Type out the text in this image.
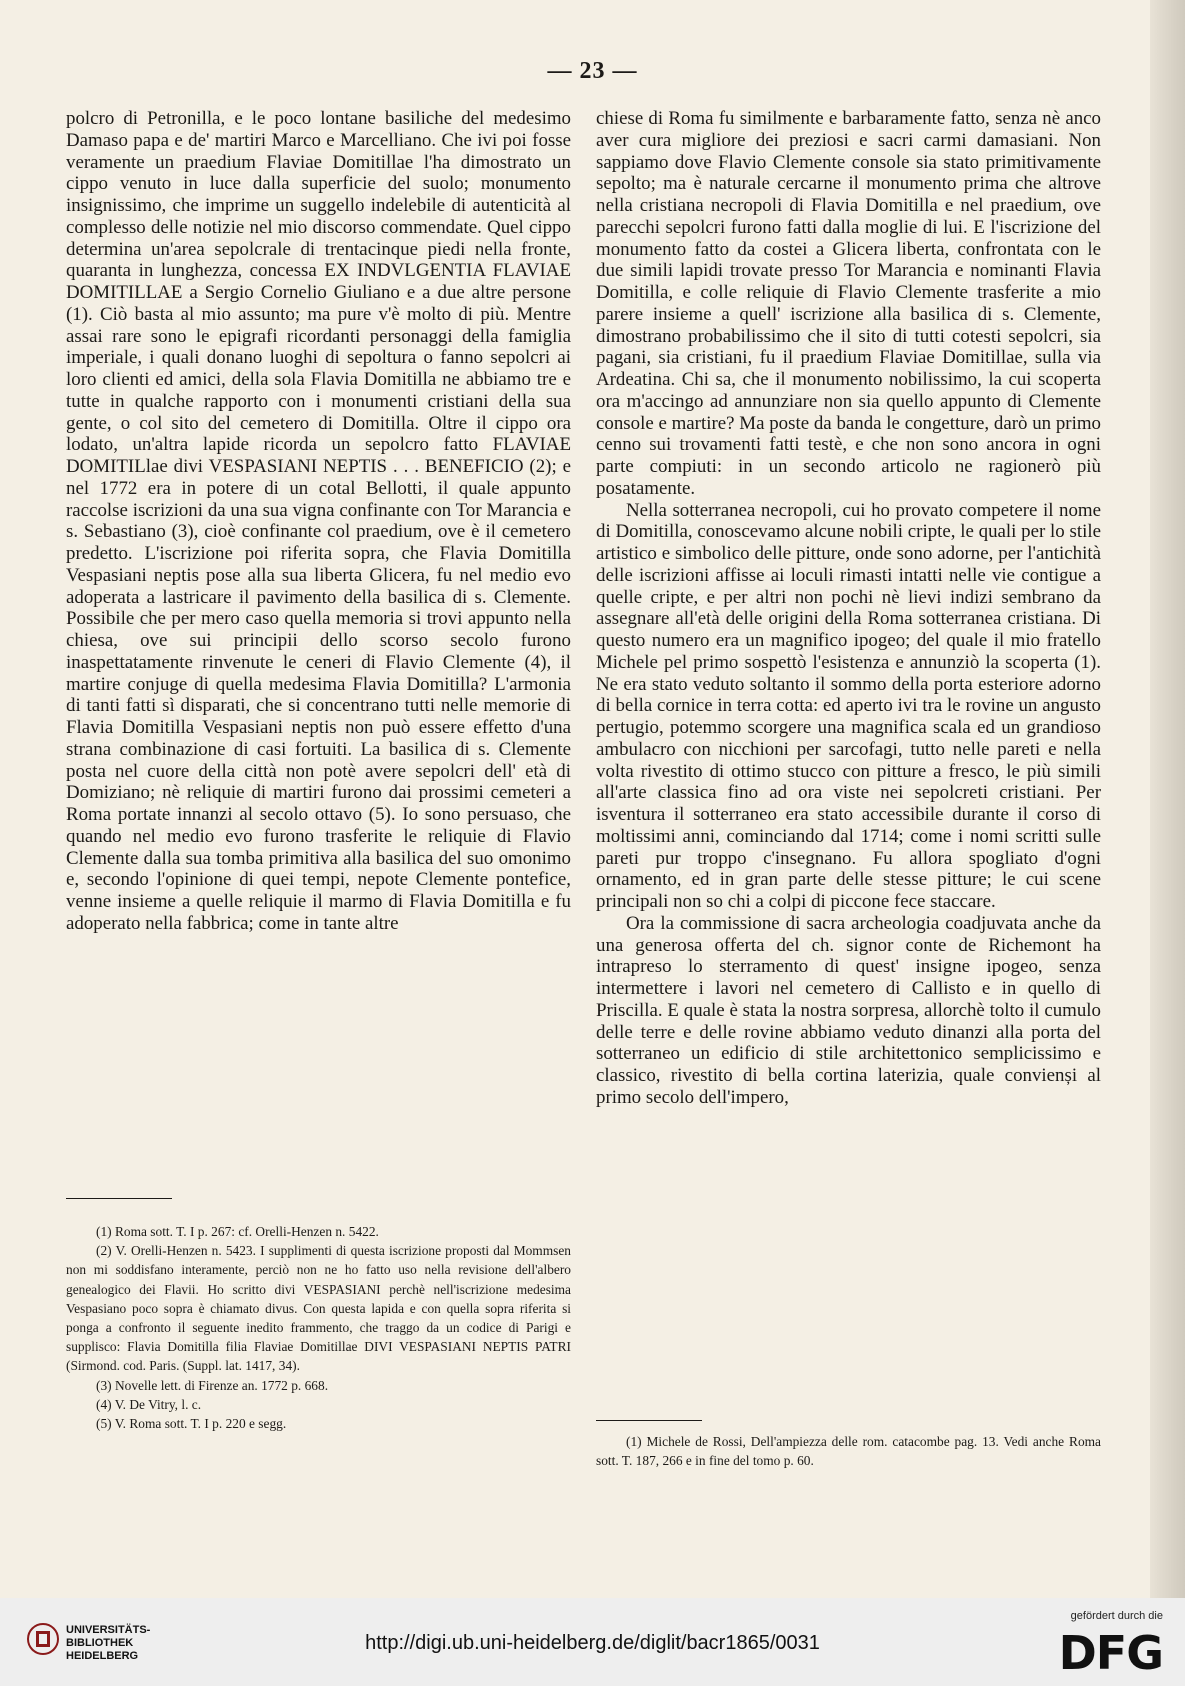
— 23 —

polcro di Petronilla, e le poco lontane basiliche del medesimo Damaso papa e de' martiri Marco e Marcelliano. Che ivi poi fosse veramente un praedium Flaviae Domitillae l'ha dimostrato un cippo venuto in luce dalla superficie del suolo; monumento insignissimo, che imprime un suggello indelebile di autenticità al complesso delle notizie nel mio discorso commendate. Quel cippo determina un'area sepolcrale di trentacinque piedi nella fronte, quaranta in lunghezza, concessa EX INDVLGENTIA FLAVIAE DOMITILLAE a Sergio Cornelio Giuliano e a due altre persone (1). Ciò basta al mio assunto; ma pure v'è molto di più. Mentre assai rare sono le epigrafi ricordanti personaggi della famiglia imperiale, i quali donano luoghi di sepoltura o fanno sepolcri ai loro clienti ed amici, della sola Flavia Domitilla ne abbiamo tre e tutte in qualche rapporto con i monumenti cristiani della sua gente, o col sito del cemetero di Domitilla. Oltre il cippo ora lodato, un'altra lapide ricorda un sepolcro fatto FLAVIAE DOMITILlae divi VESPASIANI NEPTIS . . . BENEFICIO (2); e nel 1772 era in potere di un cotal Bellotti, il quale appunto raccolse iscrizioni da una sua vigna confinante con Tor Marancia e s. Sebastiano (3), cioè confinante col praedium, ove è il cemetero predetto. L'iscrizione poi riferita sopra, che Flavia Domitilla Vespasiani neptis pose alla sua liberta Glicera, fu nel medio evo adoperata a lastricare il pavimento della basilica di s. Clemente. Possibile che per mero caso quella memoria si trovi appunto nella chiesa, ove sui principii dello scorso secolo furono inaspettatamente rinvenute le ceneri di Flavio Clemente (4), il martire conjuge di quella medesima Flavia Domitilla? L'armonia di tanti fatti sì disparati, che si concentrano tutti nelle memorie di Flavia Domitilla Vespasiani neptis non può essere effetto d'una strana combinazione di casi fortuiti. La basilica di s. Clemente posta nel cuore della città non potè avere sepolcri dell' età di Domiziano; nè reliquie di martiri furono dai prossimi cemeteri a Roma portate innanzi al secolo ottavo (5). Io sono persuaso, che quando nel medio evo furono trasferite le reliquie di Flavio Clemente dalla sua tomba primitiva alla basilica del suo omonimo e, secondo l'opinione di quei tempi, nepote Clemente pontefice, venne insieme a quelle reliquie il marmo di Flavia Domitilla e fu adoperato nella fabbrica; come in tante altre

(1) Roma sott. T. I p. 267: cf. Orelli-Henzen n. 5422.

(2) V. Orelli-Henzen n. 5423. I supplimenti di questa iscrizione proposti dal Mommsen non mi soddisfano interamente, perciò non ne ho fatto uso nella revisione dell'albero genealogico dei Flavii. Ho scritto divi VESPASIANI perchè nell'iscrizione medesima Vespasiano poco sopra è chiamato divus. Con questa lapida e con quella sopra riferita si ponga a confronto il seguente inedito frammento, che traggo da un codice di Parigi e supplisco: Flavia Domitilla filia Flaviae Domitillae DIVI VESPASIANI NEPTIS PATRI (Sirmond. cod. Paris. (Suppl. lat. 1417, 34).

(3) Novelle lett. di Firenze an. 1772 p. 668.

(4) V. De Vitry, l. c.

(5) V. Roma sott. T. I p. 220 e segg.

chiese di Roma fu similmente e barbaramente fatto, senza nè anco aver cura migliore dei preziosi e sacri carmi damasiani. Non sappiamo dove Flavio Clemente console sia stato primitivamente sepolto; ma è naturale cercarne il monumento prima che altrove nella cristiana necropoli di Flavia Domitilla e nel praedium, ove parecchi sepolcri furono fatti dalla moglie di lui. E l'iscrizione del monumento fatto da costei a Glicera liberta, confrontata con le due simili lapidi trovate presso Tor Marancia e nominanti Flavia Domitilla, e colle reliquie di Flavio Clemente trasferite a mio parere insieme a quell' iscrizione alla basilica di s. Clemente, dimostrano probabilissimo che il sito di tutti cotesti sepolcri, sia pagani, sia cristiani, fu il praedium Flaviae Domitillae, sulla via Ardeatina. Chi sa, che il monumento nobilissimo, la cui scoperta ora m'accingo ad annunziare non sia quello appunto di Clemente console e martire? Ma poste da banda le congetture, darò un primo cenno sui trovamenti fatti testè, e che non sono ancora in ogni parte compiuti: in un secondo articolo ne ragionerò più posatamente.

Nella sotterranea necropoli, cui ho provato competere il nome di Domitilla, conoscevamo alcune nobili cripte, le quali per lo stile artistico e simbolico delle pitture, onde sono adorne, per l'antichità delle iscrizioni affisse ai loculi rimasti intatti nelle vie contigue a quelle cripte, e per altri non pochi nè lievi indizi sembrano da assegnare all'età delle origini della Roma sotterranea cristiana. Di questo numero era un magnifico ipogeo; del quale il mio fratello Michele pel primo sospettò l'esistenza e annunziò la scoperta (1). Ne era stato veduto soltanto il sommo della porta esteriore adorno di bella cornice in terra cotta: ed aperto ivi tra le rovine un angusto pertugio, potemmo scorgere una magnifica scala ed un grandioso ambulacro con nicchioni per sarcofagi, tutto nelle pareti e nella volta rivestito di ottimo stucco con pitture a fresco, le più simili all'arte classica fino ad ora viste nei sepolcreti cristiani. Per isventura il sotterraneo era stato accessibile durante il corso di moltissimi anni, cominciando dal 1714; come i nomi scritti sulle pareti pur troppo c'insegnano. Fu allora spogliato d'ogni ornamento, ed in gran parte delle stesse pitture; le cui scene principali non so chi a colpi di piccone fece staccare.

Ora la commissione di sacra archeologia coadjuvata anche da una generosa offerta del ch. signor conte de Richemont ha intrapreso lo sterramento di quest' insigne ipogeo, senza intermettere i lavori nel cemetero di Callisto e in quello di Priscilla. E quale è stata la nostra sorpresa, allorchè tolto il cumulo delle terre e delle rovine abbiamo veduto dinanzi alla porta del sotterraneo un edificio di stile architettonico semplicissimo e classico, rivestito di bella cortina laterizia, quale convienși al primo secolo dell'impero,

(1) Michele de Rossi, Dell'ampiezza delle rom. catacombe pag. 13. Vedi anche Roma sott. T. 187, 266 e in fine del tomo p. 60.

UNIVERSITÄTS-
BIBLIOTHEK
HEIDELBERG
http://digi.ub.uni-heidelberg.de/diglit/bacr1865/0031
gefördert durch die
DFG
